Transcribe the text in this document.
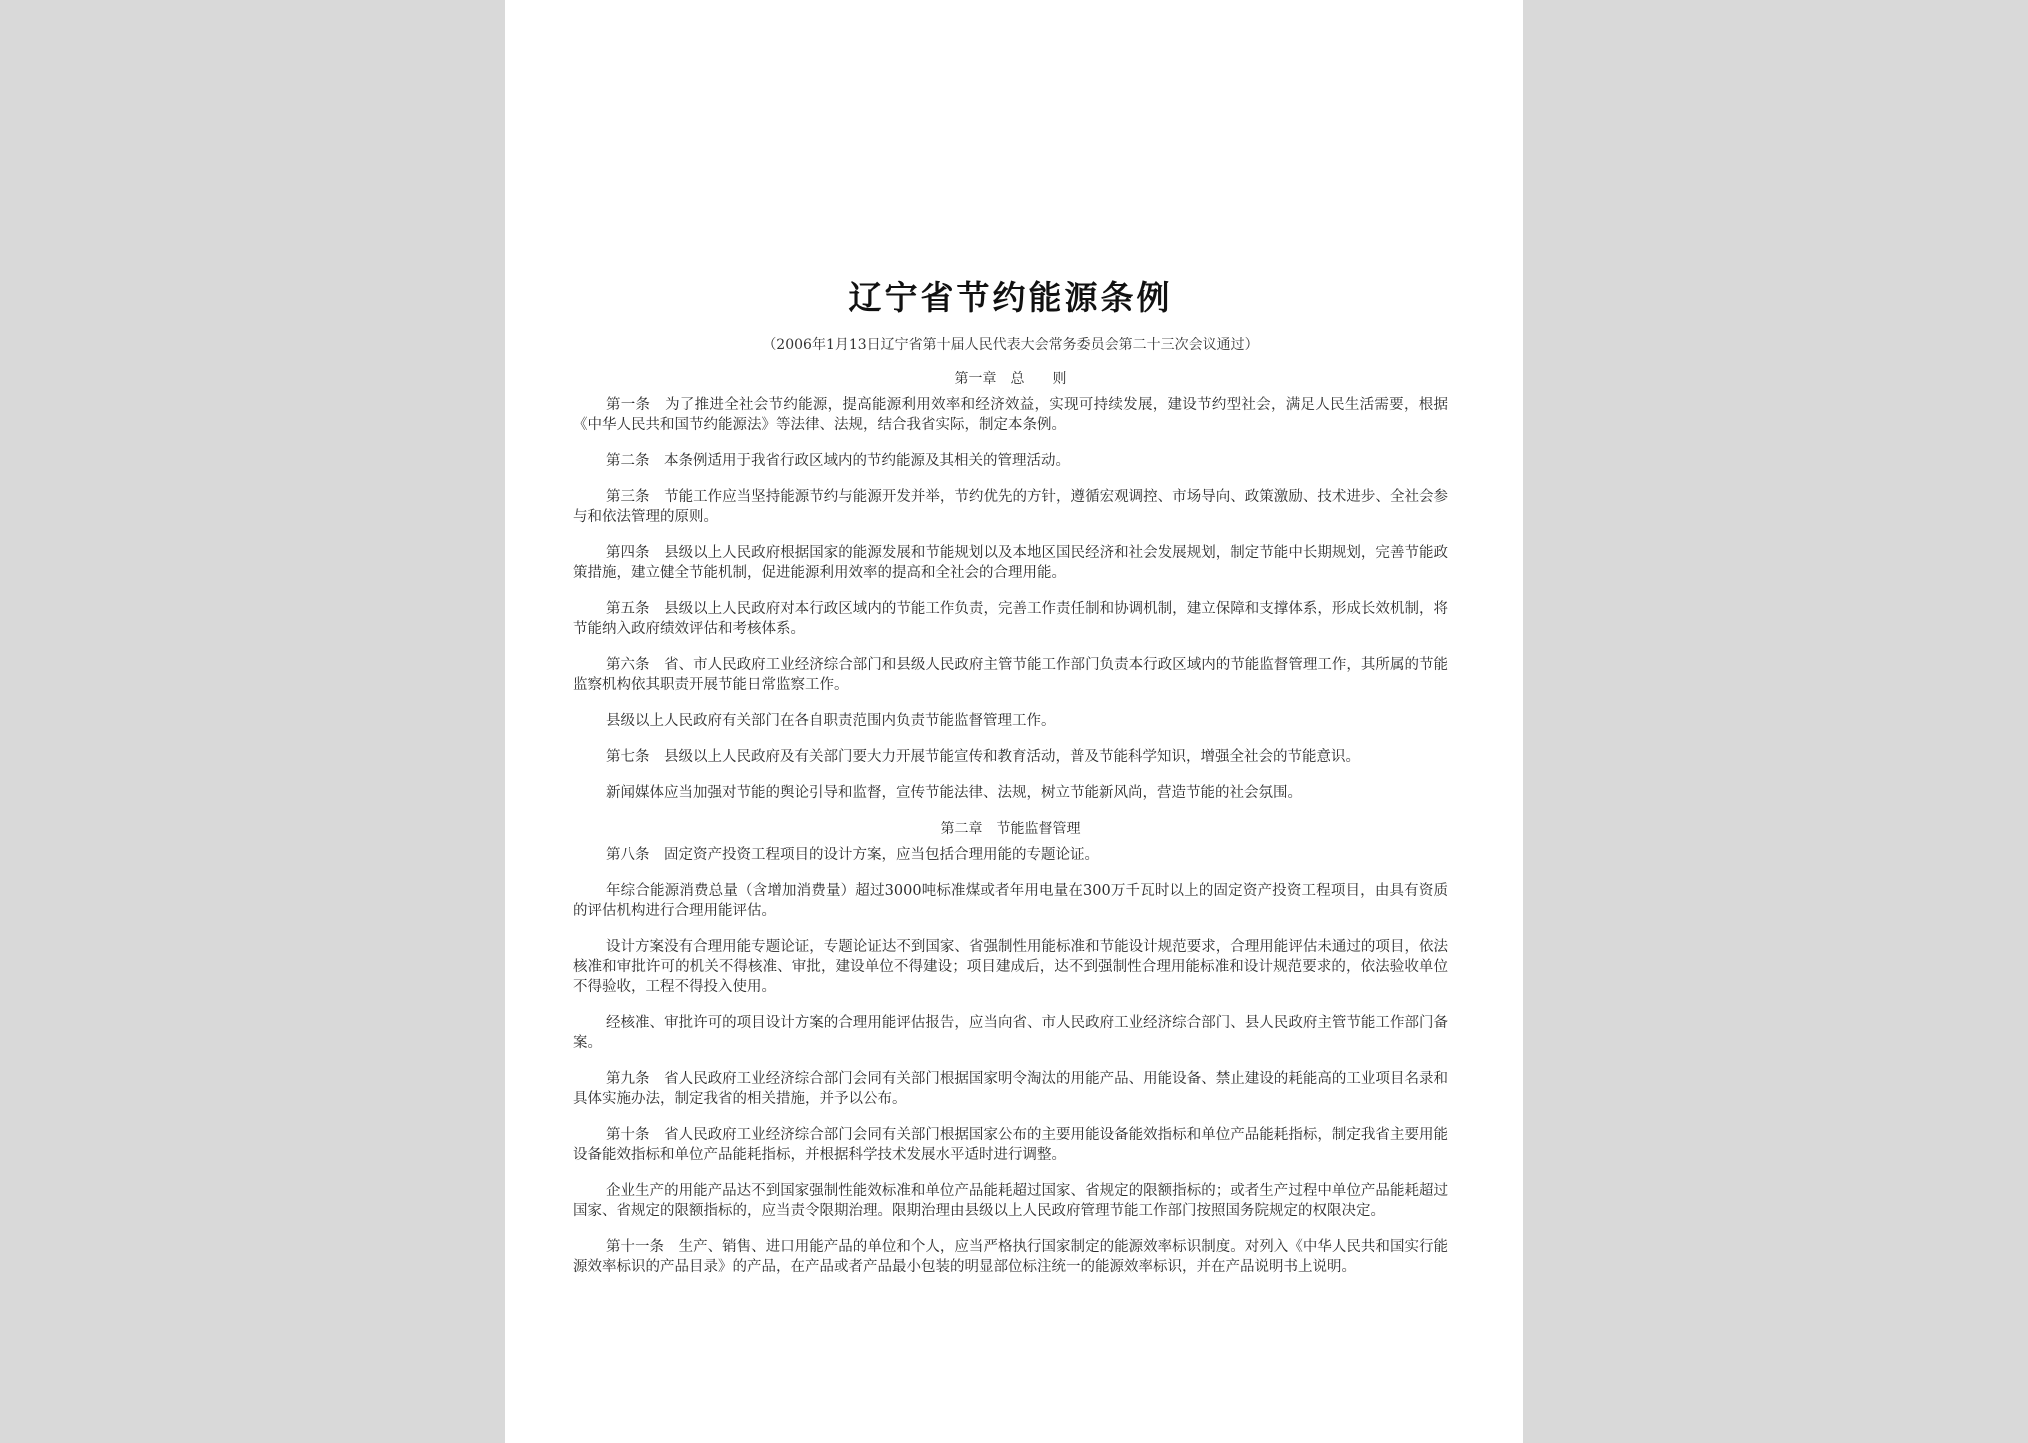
辽宁省节约能源条例
（2006年1月13日辽宁省第十届人民代表大会常务委员会第二十三次会议通过）
第一章　总　　则

第一条　为了推进全社会节约能源，提高能源利用效率和经济效益，实现可持续发展，建设节约型社会，满足人民生活需要，根据《中华人民共和国节约能源法》等法律、法规，结合我省实际，制定本条例。

第二条　本条例适用于我省行政区域内的节约能源及其相关的管理活动。

第三条　节能工作应当坚持能源节约与能源开发并举，节约优先的方针，遵循宏观调控、市场导向、政策激励、技术进步、全社会参与和依法管理的原则。

第四条　县级以上人民政府根据国家的能源发展和节能规划以及本地区国民经济和社会发展规划，制定节能中长期规划，完善节能政策措施，建立健全节能机制，促进能源利用效率的提高和全社会的合理用能。

第五条　县级以上人民政府对本行政区域内的节能工作负责，完善工作责任制和协调机制，建立保障和支撑体系，形成长效机制，将节能纳入政府绩效评估和考核体系。

第六条　省、市人民政府工业经济综合部门和县级人民政府主管节能工作部门负责本行政区域内的节能监督管理工作，其所属的节能监察机构依其职责开展节能日常监察工作。

县级以上人民政府有关部门在各自职责范围内负责节能监督管理工作。

第七条　县级以上人民政府及有关部门要大力开展节能宣传和教育活动，普及节能科学知识，增强全社会的节能意识。

新闻媒体应当加强对节能的舆论引导和监督，宣传节能法律、法规，树立节能新风尚，营造节能的社会氛围。

第二章　节能监督管理

第八条　固定资产投资工程项目的设计方案，应当包括合理用能的专题论证。

年综合能源消费总量（含增加消费量）超过3000吨标准煤或者年用电量在300万千瓦时以上的固定资产投资工程项目，由具有资质的评估机构进行合理用能评估。

设计方案没有合理用能专题论证，专题论证达不到国家、省强制性用能标准和节能设计规范要求，合理用能评估未通过的项目，依法核准和审批许可的机关不得核准、审批，建设单位不得建设；项目建成后，达不到强制性合理用能标准和设计规范要求的，依法验收单位不得验收，工程不得投入使用。

经核准、审批许可的项目设计方案的合理用能评估报告，应当向省、市人民政府工业经济综合部门、县人民政府主管节能工作部门备案。

第九条　省人民政府工业经济综合部门会同有关部门根据国家明令淘汰的用能产品、用能设备、禁止建设的耗能高的工业项目名录和具体实施办法，制定我省的相关措施，并予以公布。

第十条　省人民政府工业经济综合部门会同有关部门根据国家公布的主要用能设备能效指标和单位产品能耗指标，制定我省主要用能设备能效指标和单位产品能耗指标，并根据科学技术发展水平适时进行调整。

企业生产的用能产品达不到国家强制性能效标准和单位产品能耗超过国家、省规定的限额指标的；或者生产过程中单位产品能耗超过国家、省规定的限额指标的，应当责令限期治理。限期治理由县级以上人民政府管理节能工作部门按照国务院规定的权限决定。

第十一条　生产、销售、进口用能产品的单位和个人，应当严格执行国家制定的能源效率标识制度。对列入《中华人民共和国实行能源效率标识的产品目录》的产品，在产品或者产品最小包装的明显部位标注统一的能源效率标识，并在产品说明书上说明。
